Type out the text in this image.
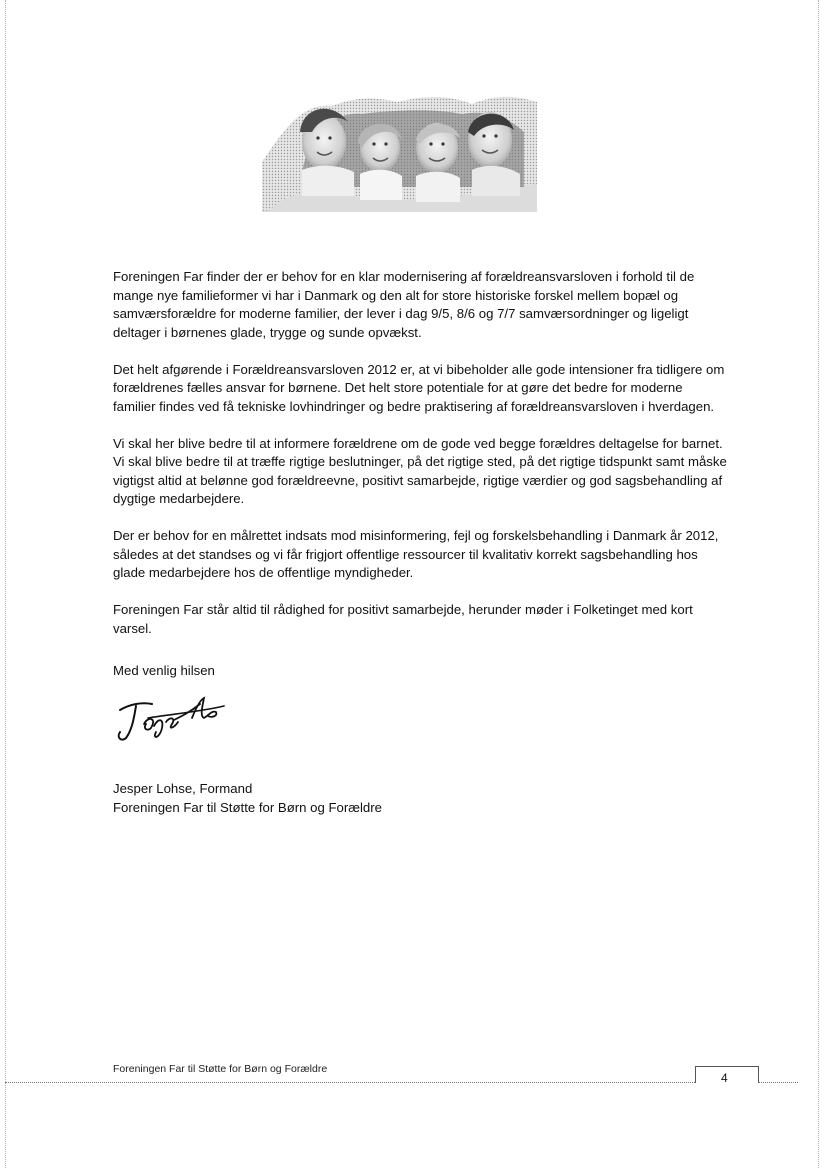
Foreningen Far finder der er behov for en klar modernisering af forældreansvarsloven i forhold til de mange nye familieformer vi har i Danmark og den alt for store historiske forskel mellem bopæl og samværsforældre for moderne familier, der lever i dag 9/5, 8/6 og 7/7 samværsordninger og ligeligt deltager i børnenes glade, trygge og sunde opvækst.

Det helt afgørende i Forældreansvarsloven 2012 er, at vi bibeholder alle gode intensioner fra tidligere om forældrenes fælles ansvar for børnene. Det helt store potentiale for at gøre det bedre for moderne familier findes ved få tekniske lovhindringer og bedre praktisering af forældreansvarsloven i hverdagen.

Vi skal her blive bedre til at informere forældrene om de gode ved begge forældres deltagelse for barnet. Vi skal blive bedre til at træffe rigtige beslutninger, på det rigtige sted, på det rigtige tidspunkt samt måske vigtigst altid at belønne god forældreevne, positivt samarbejde, rigtige værdier og god sagsbehandling af dygtige medarbejdere.

Der er behov for en målrettet indsats mod misinformering, fejl og forskelsbehandling i Danmark år 2012, således at det standses og vi får frigjort offentlige ressourcer til kvalitativ korrekt sagsbehandling hos glade medarbejdere hos de offentlige myndigheder.

Foreningen Far står altid til rådighed for positivt samarbejde, herunder møder i Folketinget med kort varsel.

Med venlig hilsen
Jesper Lohse, Formand
Foreningen Far til Støtte for Børn og Forældre
Foreningen Far til Støtte for Børn og Forældre
4
